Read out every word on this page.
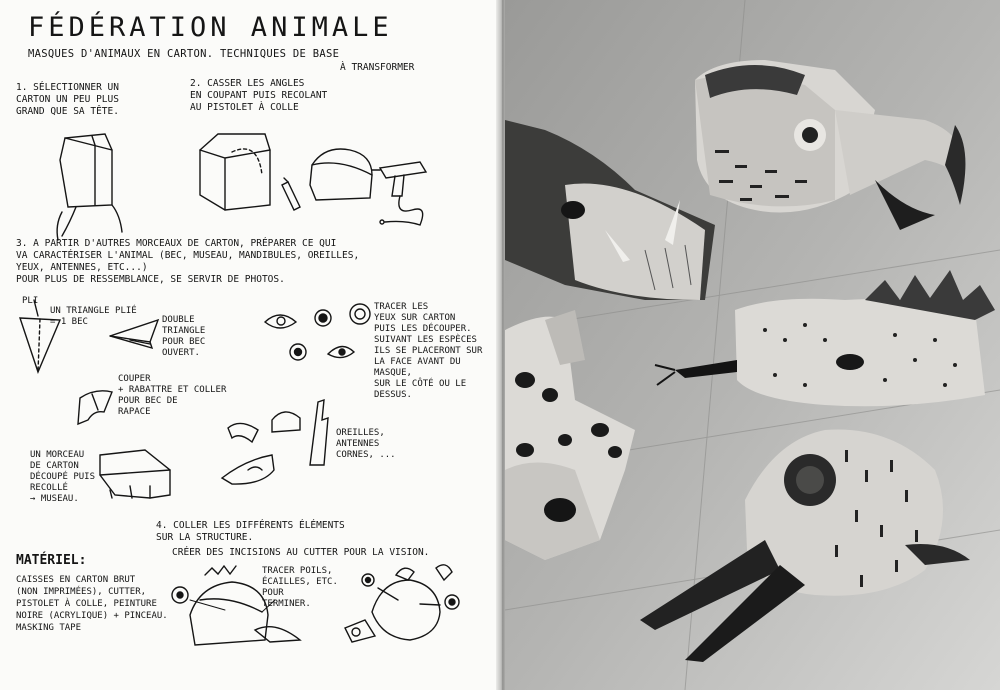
FÉDÉRATION ANIMALE

MASQUES D'ANIMAUX EN CARTON. TECHNIQUES DE BASE

À TRANSFORMER

1. SÉLECTIONNER UN
CARTON UN PEU PLUS
GRAND QUE SA TÊTE.

2. CASSER LES ANGLES
EN COUPANT PUIS RECOLANT
AU PISTOLET À COLLE

3. A PARTIR D'AUTRES MORCEAUX DE CARTON, PRÉPARER CE QUI
VA CARACTÉRISER L'ANIMAL (BEC, MUSEAU, MANDIBULES, OREILLES,
YEUX, ANTENNES, ETC...)
POUR PLUS DE RESSEMBLANCE, SE SERVIR DE PHOTOS.

PLI

UN TRIANGLE PLIÉ
= 1 BEC	DOUBLE
TRIANGLE
POUR BEC
OUVERT.

TRACER LES
YEUX SUR CARTON
PUIS LES DÉCOUPER.
SUIVANT LES ESPÈCES
ILS SE PLACERONT SUR
LA FACE AVANT DU MASQUE,
SUR LE CÔTÉ OU LE DESSUS.

COUPER
+ RABATTRE ET COLLER
POUR BEC DE
RAPACE

OREILLES,
ANTENNES
CORNES, ...

UN MORCEAU
DE CARTON
DÉCOUPÉ PUIS
RECOLLÉ
→ MUSEAU.

4. COLLER LES DIFFÉRENTS ÉLÉMENTS
SUR LA STRUCTURE.

CRÉER DES INCISIONS AU CUTTER POUR LA VISION.

TRACER POILS,
ÉCAILLES, ETC.
POUR
TERMINER.

MATÉRIEL:

CAISSES EN CARTON BRUT
(NON IMPRIMÉES), CUTTER,
PISTOLET À COLLE, PEINTURE
NOIRE (ACRYLIQUE) + PINCEAU.
MASKING TAPE
